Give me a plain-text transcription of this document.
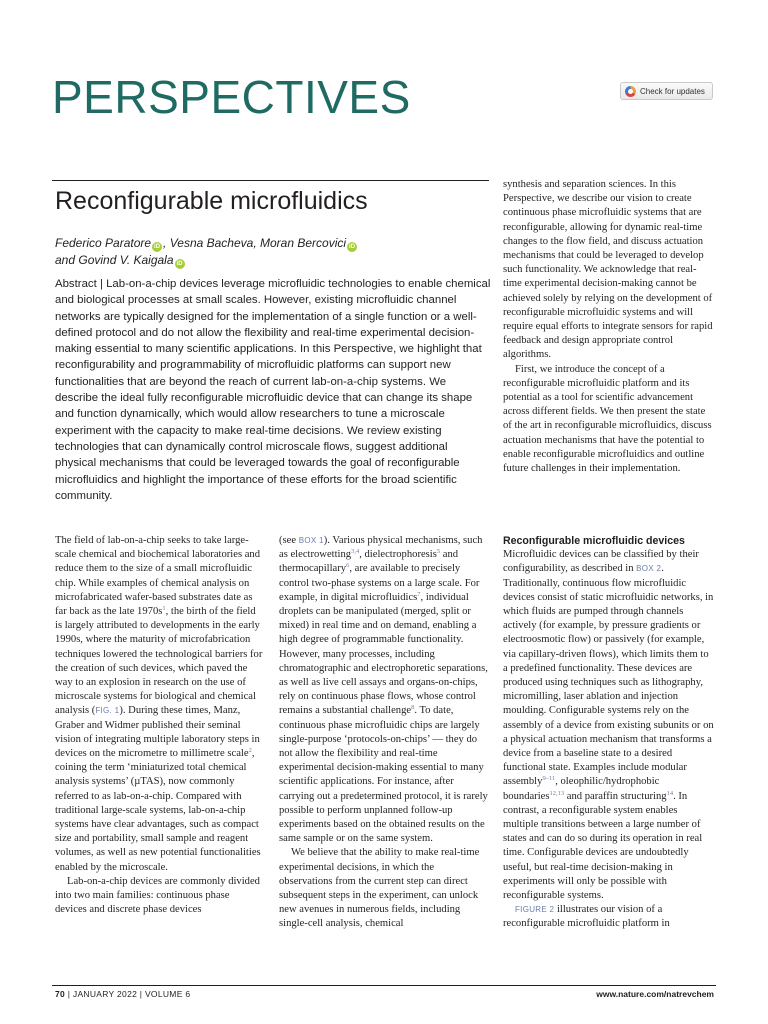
PERSPECTIVES	Check for updates
Reconfigurable microfluidics
Federico Paratore iD , Vesna Bacheva, Moran Bercovici iD
and Govind V. Kaigala iD

Abstract | Lab-on-a-chip devices leverage microfluidic technologies to enable chemical and biological processes at small scales. However, existing microfluidic channel networks are typically designed for the implementation of a single function or a well-defined protocol and do not allow the flexibility and real-time experimental decision-making essential to many scientific applications. In this Perspective, we highlight that reconfigurability and programmability of microfluidic platforms can support new functionalities that are beyond the reach of current lab-on-a-chip systems. We describe the ideal fully reconfigurable microfluidic device that can change its shape and function dynamically, which would allow researchers to tune a microscale experiment with the capacity to make real-time decisions. We review existing technologies that can dynamically control microscale flows, suggest additional physical mechanisms that could be leveraged towards the goal of reconfigurable microfluidics and highlight the importance of these efforts for the broad scientific community.

The field of lab-on-a-chip seeks to take large-scale chemical and biochemical laboratories and reduce them to the size of a small microfluidic chip. While examples of chemical analysis on microfabricated wafer-based substrates date as far back as the late $1970s^1$, the birth of the field is largely attributed to developments in the early 1990s, where the maturity of microfabrication techniques lowered the technological barriers for the creation of such devices, which paved the way to an explosion in research on the use of microscale systems for biological and chemical analysis (FIG. 1). During these times, Manz, Graber and Widmer published their seminal vision of integrating multiple laboratory steps in devices on the micrometre to millimetre scale$^2$, coining the term ‘miniaturized total chemical analysis systems’ (µTAS), now commonly referred to as lab-on-a-chip. Compared with traditional large-scale systems, lab-on-a-chip systems have clear advantages, such as compact size and portability, small sample and reagent volumes, as well as new potential functionalities enabled by the microscale.

Lab-on-a-chip devices are commonly divided into two main families: continuous phase devices and discrete phase devices

(see BOX 1). Various physical mechanisms, such as electrowetting$^{3,4}$, dielectrophoresis$^5$ and thermocapillary$^6$, are available to precisely control two-phase systems on a large scale. For example, in digital microfluidics$^7$, individual droplets can be manipulated (merged, split or mixed) in real time and on demand, enabling a high degree of programmable functionality. However, many processes, including chromatographic and electrophoretic separations, as well as live cell assays and organs-on-chips, rely on continuous phase flows, whose control remains a substantial challenge$^8$. To date, continuous phase microfluidic chips are largely single-purpose ‘protocols-on-chips’ — they do not allow the flexibility and real-time experimental decision-making essential to many scientific applications. For instance, after carrying out a predetermined protocol, it is rarely possible to perform unplanned follow-up experiments based on the obtained results on the same sample or on the same system.

We believe that the ability to make real-time experimental decisions, in which the observations from the current step can direct subsequent steps in the experiment, can unlock new avenues in numerous fields, including single-cell analysis, chemical

synthesis and separation sciences. In this Perspective, we describe our vision to create continuous phase microfluidic systems that are reconfigurable, allowing for dynamic real-time changes to the flow field, and discuss actuation mechanisms that could be leveraged to develop such functionality. We acknowledge that real-time experimental decision-making cannot be achieved solely by relying on the development of reconfigurable microfluidic systems and will require equal efforts to integrate sensors for rapid feedback and design appropriate control algorithms.

First, we introduce the concept of a reconfigurable microfluidic platform and its potential as a tool for scientific advancement across different fields. We then present the state of the art in reconfigurable microfluidics, discuss actuation mechanisms that have the potential to enable reconfigurable microfluidics and outline future challenges in their implementation.

Reconfigurable microfluidic devices

Microfluidic devices can be classified by their configurability, as described in BOX 2. Traditionally, continuous flow microfluidic devices consist of static microfluidic networks, in which fluids are pumped through channels actively (for example, by pressure gradients or electroosmotic flow) or passively (for example, via capillary-driven flows), which limits them to a predefined functionality. These devices are produced using techniques such as lithography, micromilling, laser ablation and injection moulding. Configurable systems rely on the assembly of a device from existing subunits or on a physical actuation mechanism that transforms a device from a baseline state to a desired functional state. Examples include modular assembly$^{9-11}$, oleophilic/hydrophobic boundaries$^{12,13}$ and paraffin structuring$^{14}$. In contrast, a reconfigurable system enables multiple transitions between a large number of states and can do so during its operation in real time. Configurable devices are undoubtedly useful, but real-time decision-making in experiments will only be possible with reconfigurable systems.

FIGURE 2 illustrates our vision of a reconfigurable microfluidic platform in

70 | JANUARY 2022 | VOLUME 6	www.nature.com/natrevchem
